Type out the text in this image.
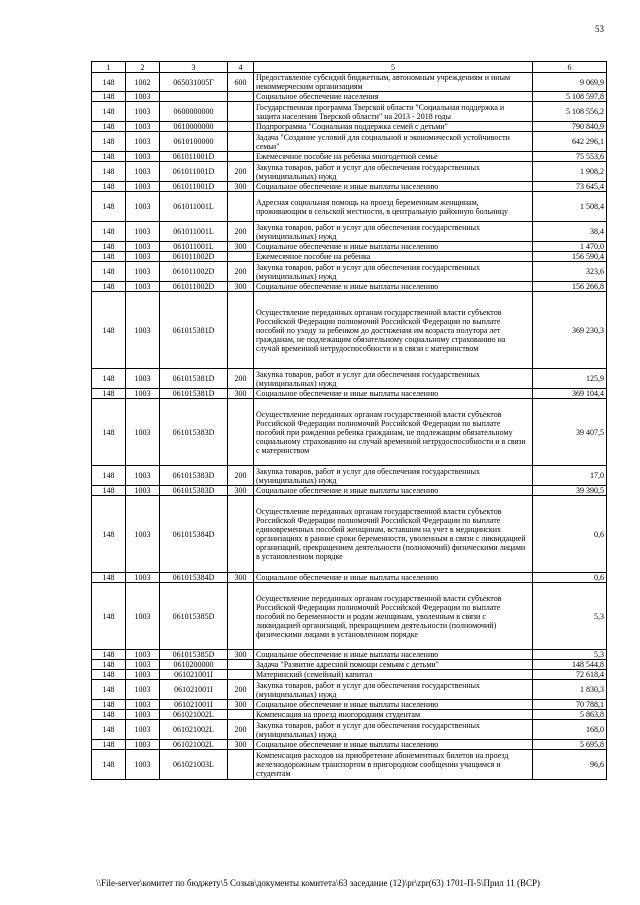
53
1	2	3	4	5	6
148	1002	065031005Г	600	Предоставление субсидий бюджетным, автономным учреждениям и иным некоммерческим организациям	9 069,9
148	1003			Социальное обеспечение населения	5 108 597,8
148	1003	0600000000		Государственная программа Тверской области "Социальная поддержка и защита населения Тверской области" на 2013 - 2018 годы	5 108 556,2
148	1003	0610000000		Подпрограмма "Социальная поддержка семей с детьми"	790 840,9
148	1003	0610100000		Задача "Создание условий для социальной и экономической устойчивости семьи"	642 296,1
148	1003	061011001D		Ежемесячное пособие на ребенка многодетной семье	75 553,6
148	1003	061011001D	200	Закупка товаров, работ и услуг для обеспечения государственных (муниципальных) нужд	1 908,2
148	1003	061011001D	300	Социальное обеспечение и иные выплаты населению	73 645,4
148	1003	061011001L		Адресная социальная помощь на проезд беременным женщинам, проживающим в сельской местности, в центральную районную больницу	1 508,4
148	1003	061011001L	200	Закупка товаров, работ и услуг для обеспечения государственных (муниципальных) нужд	38,4
148	1003	061011001L	300	Социальное обеспечение и иные выплаты населению	1 470,0
148	1003	061011002D		Ежемесячное пособие на ребенка	156 590,4
148	1003	061011002D	200	Закупка товаров, работ и услуг для обеспечения государственных (муниципальных) нужд	323,6
148	1003	061011002D	300	Социальное обеспечение и иные выплаты населению	156 266,8
148	1003	061015381D		Осуществление переданных органам государственной власти субъектов Российской Федерации полномочий Российской Федерации по выплате пособий по уходу за ребенком до достижения им возраста полутора лет гражданам, не подлежащим обязательному социальному страхованию на случай временной нетрудоспособности и в связи с материнством	369 230,3
148	1003	061015381D	200	Закупка товаров, работ и услуг для обеспечения государственных (муниципальных) нужд	125,9
148	1003	061015381D	300	Социальное обеспечение и иные выплаты населению	369 104,4
148	1003	061015383D		Осуществление переданных органам государственной власти субъектов Российской Федерации полномочий Российской Федерации по выплате пособий при рождении ребенка гражданам, не подлежащим обязательному социальному страхованию на случай временной нетрудоспособности и в связи с материнством	39 407,5
148	1003	061015383D	200	Закупка товаров, работ и услуг для обеспечения государственных (муниципальных) нужд	17,0
148	1003	061015383D	300	Социальное обеспечение и иные выплаты населению	39 390,5
148	1003	061015384D		Осуществление переданных органам государственной власти субъектов Российской Федерации полномочий Российской Федерации по выплате единовременных пособий женщинам, вставшим на учет в медицинских организациях в ранние сроки беременности, уволенным в связи с ликвидацией организаций, прекращением деятельности (полномочий) физическими лицами в установленном порядке	0,6
148	1003	061015384D	300	Социальное обеспечение и иные выплаты населению	0,6
148	1003	061015385D		Осуществление переданных органам государственной власти субъектов Российской Федерации полномочий Российской Федерации по выплате пособий по беременности и родам женщинам, уволенным в связи с ликвидацией организаций, прекращением деятельности (полномочий) физическими лицами в установленном порядке	5,3
148	1003	061015385D	300	Социальное обеспечение и иные выплаты населению	5,3
148	1003	0610200000		Задача "Развитие адресной помощи семьям с детьми"	148 544,8
148	1003	061021001I		Материнский (семейный) капитал	72 618,4
148	1003	061021001I	200	Закупка товаров, работ и услуг для обеспечения государственных (муниципальных) нужд	1 830,3
148	1003	061021001I	300	Социальное обеспечение и иные выплаты населению	70 788,1
148	1003	061021002L		Компенсация на проезд иногородним студентам	5 863,8
148	1003	061021002L	200	Закупка товаров, работ и услуг для обеспечения государственных (муниципальных) нужд	168,0
148	1003	061021002L	300	Социальное обеспечение и иные выплаты населению	5 695,8
148	1003	061021003L		Компенсация расходов на приобретение абонементных билетов на проезд железнодорожным транспортом в пригородном сообщении учащимся и студентам	96,6
\\File-server\комитет по бюджету\5 Созыв\документы комитета\63 заседание (12)\pr\zpr(63) 1701-П-5\Прил 11 (ВСР)
